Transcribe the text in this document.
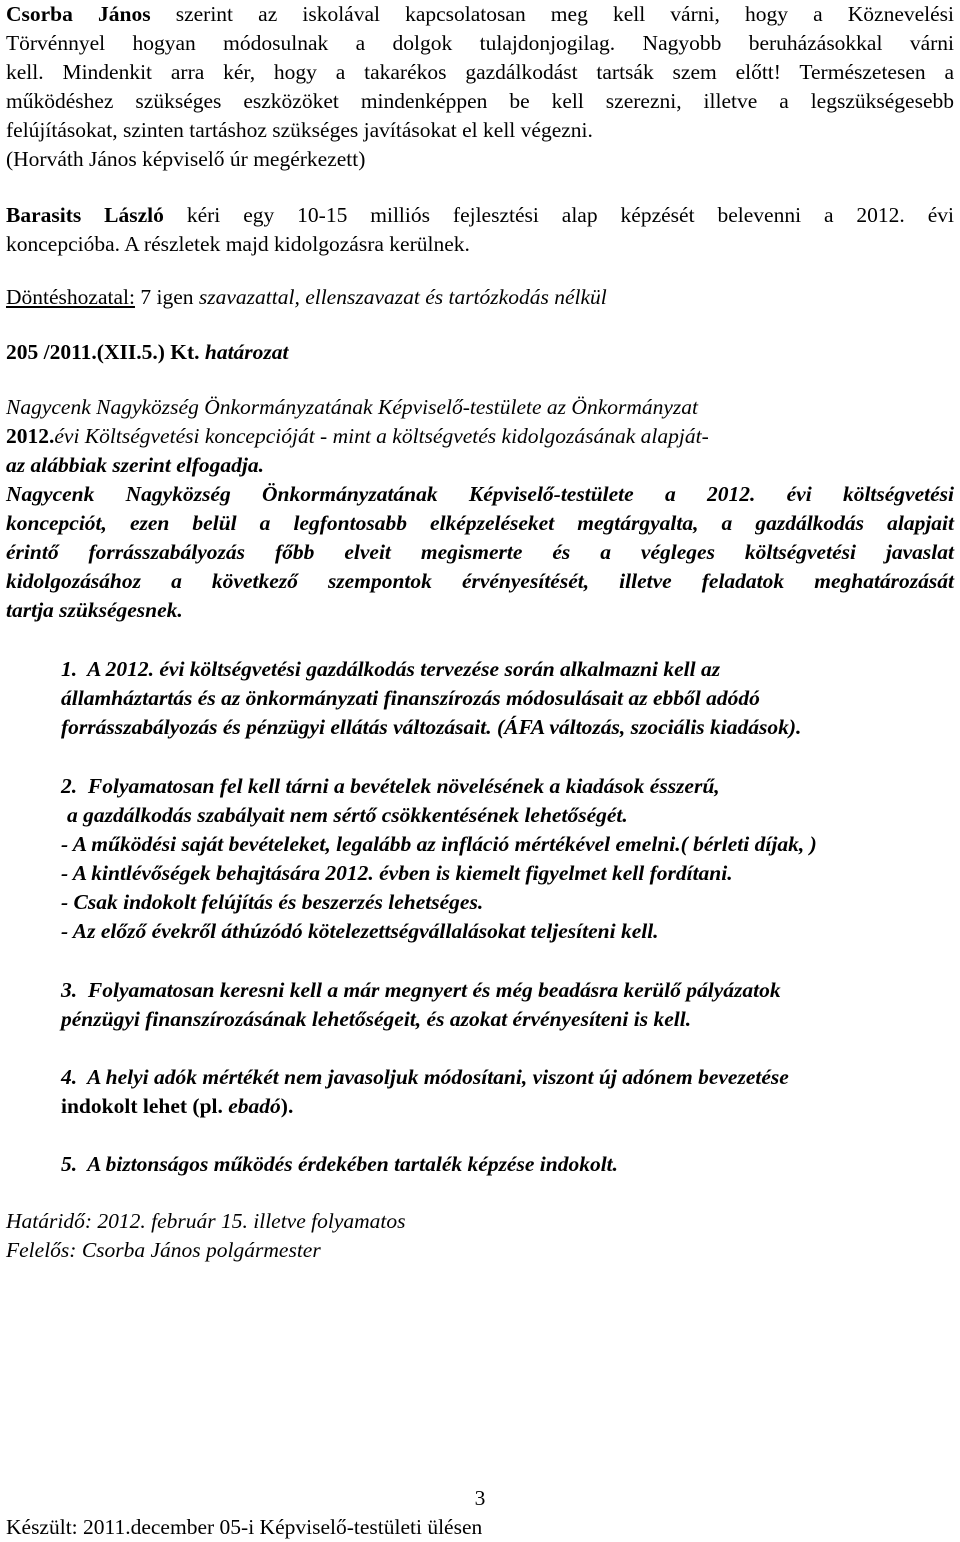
Csorba János szerint az iskolával kapcsolatosan meg kell várni, hogy a Köznevelési
Törvénnyel hogyan módosulnak a dolgok tulajdonjogilag. Nagyobb beruházásokkal várni
kell. Mindenkit arra kér, hogy a takarékos gazdálkodást tartsák szem előtt! Természetesen a
működéshez szükséges eszközöket mindenképpen be kell szerezni, illetve a legszükségesebb
felújításokat, szinten tartáshoz szükséges javításokat el kell végezni.
(Horváth János képviselő úr megérkezett)
Barasits László kéri egy 10-15 milliós fejlesztési alap képzését belevenni a 2012. évi
koncepcióba. A részletek majd kidolgozásra kerülnek.
Döntéshozatal: 7 igen szavazattal, ellenszavazat és tartózkodás nélkül
205 /2011.(XII.5.) Kt. határozat
Nagycenk Nagyközség Önkormányzatának Képviselő-testülete az Önkormányzat
2012.évi Költségvetési koncepcióját - mint a költségvetés kidolgozásának alapját-
az alábbiak szerint elfogadja.
Nagycenk Nagyközség Önkormányzatának Képviselő-testülete a 2012. évi költségvetési
koncepciót, ezen belül a legfontosabb elképzeléseket megtárgyalta, a gazdálkodás alapjait
érintő forrásszabályozás főbb elveit megismerte és a végleges költségvetési javaslat
kidolgozásához a következő szempontok érvényesítését, illetve feladatok meghatározását
tartja szükségesnek.
1.  A 2012. évi költségvetési gazdálkodás tervezése során alkalmazni kell az
államháztartás és az önkormányzati finanszírozás módosulásait az ebből adódó
forrásszabályozás és pénzügyi ellátás változásait. (ÁFA változás, szociális kiadások).
2.  Folyamatosan fel kell tárni a bevételek növelésének a kiadások ésszerű,
a gazdálkodás szabályait nem sértő csökkentésének lehetőségét.
- A működési saját bevételeket, legalább az infláció mértékével emelni.( bérleti díjak, )
- A kintlévőségek behajtására 2012. évben is kiemelt figyelmet kell fordítani.
- Csak indokolt felújítás és beszerzés lehetséges.
- Az előző évekről áthúzódó kötelezettségvállalásokat teljesíteni kell.
3.  Folyamatosan keresni kell a már megnyert és még beadásra kerülő pályázatok
pénzügyi finanszírozásának lehetőségeit, és azokat érvényesíteni is kell.
4.  A helyi adók mértékét nem javasoljuk módosítani, viszont új adónem bevezetése
indokolt lehet (pl. ebadó).
5.  A biztonságos működés érdekében tartalék képzése indokolt.
Határidő: 2012. február 15. illetve folyamatos
Felelős: Csorba János polgármester
3
Készült: 2011.december 05-i Képviselő-testületi ülésen
